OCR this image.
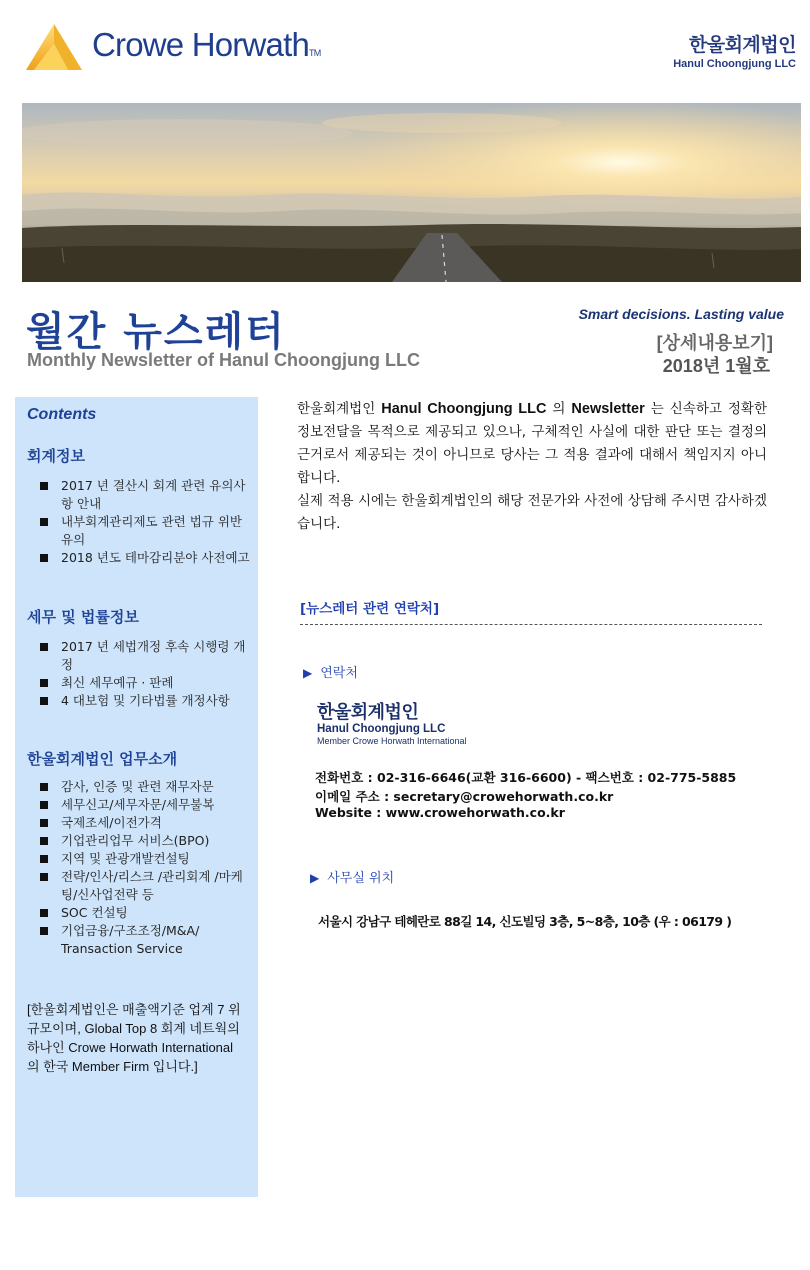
Crowe Horwath™	한울회계법인
Hanul Choongjung LLC
월간 뉴스레터
Monthly Newsletter of Hanul Choongjung LLC
Smart decisions. Lasting value
[상세내용보기]
2018년 1월호
Contents
회계정보
2017 년 결산시 회계 관련 유의사항 안내
내부회계관리제도 관련 법규 위반 유의
2018 년도 테마감리분야 사전예고
세무 및 법률정보
2017 년 세법개정 후속 시행령 개정
최신 세무예규 · 판례
4 대보험 및 기타법률 개정사항
한울회계법인 업무소개
감사, 인증 및 관련 재무자문
세무신고/세무자문/세무불복
국제조세/이전가격
기업관리업무 서비스(BPO)
지역 및 관광개발컨설팅
전략/인사/리스크 /관리회계 /마케팅/신사업전략 등
SOC 컨설팅
기업금융/구조조정/M&A/ Transaction Service
[한울회계법인은 매출액기준 업계 7 위 규모이며, Global Top 8 회계 네트웍의 하나인 Crowe Horwath International 의 한국 Member Firm 입니다.]
한울회계법인 Hanul Choongjung LLC 의 Newsletter 는 신속하고 정확한 정보전달을 목적으로 제공되고 있으나, 구체적인 사실에 대한 판단 또는 결정의 근거로서 제공되는 것이 아니므로 당사는 그 적용 결과에 대해서 책임지지 아니합니다.
실제 적용 시에는 한울회계법인의 해당 전문가와 사전에 상담해 주시면 감사하겠습니다.
[뉴스레터 관련 연락처]
▶ 연락처
한울회계법인
Hanul Choongjung LLC
Member Crowe Horwath International
전화번호 : 02-316-6646(교환 316-6600) - 팩스번호 : 02-775-5885
이메일 주소 : secretary@crowehorwath.co.kr
Website : www.crowehorwath.co.kr
▶ 사무실 위치
서울시 강남구 테헤란로 88길 14, 신도빌딩 3층, 5~8층, 10층 (우 : 06179 )
